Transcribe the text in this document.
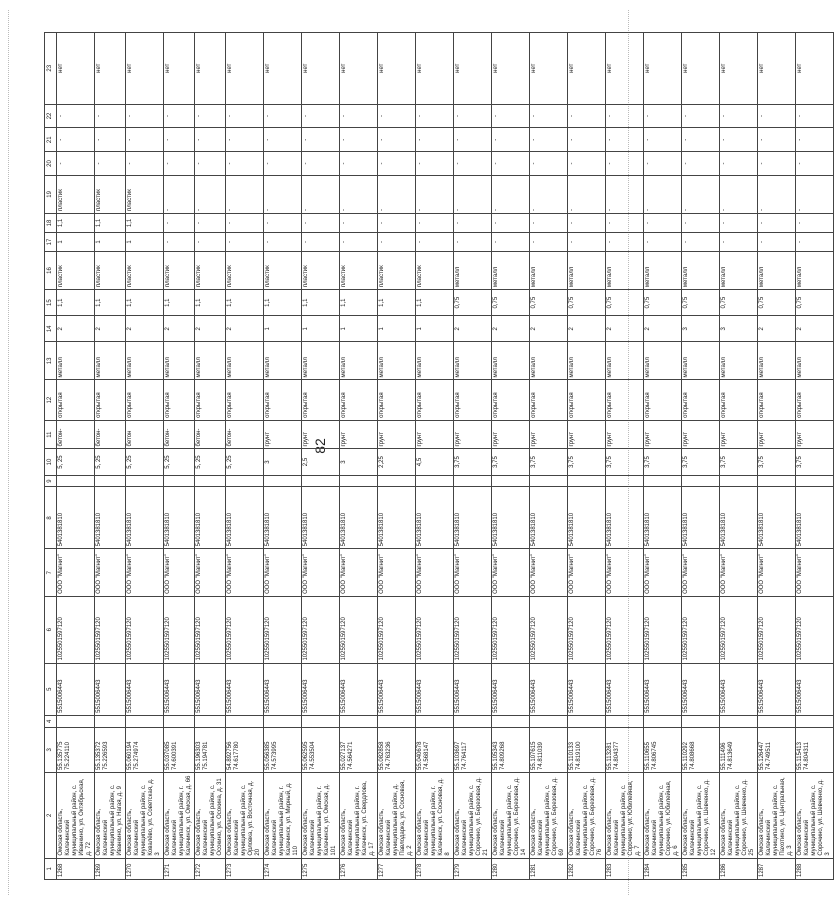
82
1	2	3	4	5	6	7	8	9	10	11	12	13	14	15	16	17	18	19	20	21	22	23
1268	Омская область, Калачинский муниципальный район, с. Иванкино, ул. Октябрьская, д. 72	55.135775 75.224110		5515006443	1025501597120	ООО "Магнит"	5401381810		5, 25	бетон-	открытая	металл	2	1,1	пластик	1	1,1	пластик	-	-	-	нет
1269	Омская область, Калачинский муниципальный район, с. Иванкино, ул. Нагая, д. 9	55.135372 75.226593		5515006443	1025501597120	ООО "Магнит"	5401381810		5, 25	бетон-	открытая	металл	2	1,1	пластик	1	1,1	пластик	-	-	-	нет
1270	Омская область, Калачинский муниципальный район, с. Ковалёво, ул. Советская, д. 3	55.060194 75.274974		5515006443	1025501597120	ООО "Магнит"	5401381810		5, 25	бетон	открытая	металл	2	1,1	пластик	1	1,1	пластик	-	-	-	нет
1271	Омская область, Калачинский муниципальный район, г. Калачинск, ул. Омская, д. 66	55.037085 74.600391		5515006443	1025501597120	ООО "Магнит"	5401381810		5, 25	бетон-	открытая	металл	2	1,1	пластик	-	-	-	-	-	-	нет
1272	Омская область, Калачинский муниципальный район, с. Осокино, ул. Осокина, д. 31	55.196303 75.194781		5515006443	1025501597120	ООО "Магнит"	5401381810		5, 25	бетон-	открытая	металл	2	1,1	пластик	-	-	-	-	-	-	нет
1273	Омская область, Калачинский муниципальный район, с. Орловка, ул. Восточная, д. 20	54.892756 74.617780		5515006443	1025501597120	ООО "Магнит"	5401381810		5, 25	бетон-	открытая	металл	2	1,1	пластик	-	-	-	-	-	-	нет
1274	Омская область, Калачинский муниципальный район, г. Калачинск, ул. Мирный, д. 110	55.056385 74.573995		5515006443	1025501597120	ООО "Магнит"	5401381810		3	грунт	открытая	металл	1	1,1	пластик	-	-	-	-	-	-	нет
1275	Омская область, Калачинский муниципальный район, г. Калачинск, ул. Омская, д. 101	55.062595 74.553504		5515006443	1025501597120	ООО "Магнит"	5401381810		2,5	грунт	открытая	металл	1	1,1	пластик	-	-	-	-	-	-	нет
1276	Омская область, Калачинский муниципальный район, г. Калачинск, ул. Свердлова, д. 17	55.027137 74.564271		5515006443	1025501597120	ООО "Магнит"	5401381810		3	грунт	открытая	металл	1	1,1	пластик	-	-	-	-	-	-	нет
1277	Омская область, Калачинский муниципальный район, д. Павлодарка, ул. Сосновая, д. 2	55.082858 74.763236		5515006443	1025501597120	ООО "Магнит"	5401381810		2,25	грунт	открытая	металл	1	1,1	пластик	-	-	-	-	-	-	нет
1278	Омская область, Калачинский муниципальный район, г. Калачинск, ул. Сосновая, д. 8	55.040678 74.568147		5515006443	1025501597120	ООО "Магнит"	5401381810		4,5	грунт	открытая	металл	1	1,1	пластик	-	-	-	-	-	-	нет
1279	Омская область, Калачинский муниципальный район, с. Сорочино, ул. Березовая, д. 21	55.103697 74.764117		5515006443	1025501597120	ООО "Магнит"	5401381810		3,75	грунт	открытая	металл	2	0,75	металл	-	-	-	-	-	-	нет
1280	Омская область, Калачинский муниципальный район, с. Сорочино, ул. Березовая, д. 14	55.105343 74.809268		5515006443	1025501597120	ООО "Магнит"	5401381810		3,75	грунт	открытая	металл	2	0,75	металл	-	-	-	-	-	-	нет
1281	Омская область, Калачинский муниципальный район, с. Сорочино, ул. Березовая, д. 69	55.107615 74.811039		5515006443	1025501597120	ООО "Магнит"	5401381810		3,75	грунт	открытая	металл	2	0,75	металл	-	-	-	-	-	-	нет
1282	Омская область, Калачинский муниципальный район, с. Сорочино, ул. Березовая, д. 76	55.110133 74.819100		5515006443	1025501597120	ООО "Магнит"	5401381810		3,75	грунт	открытая	металл	2	0,75	металл	-	-	-	-	-	-	нет
1283	Омская область, Калачинский муниципальный район, с. Сорочино, ул. Юбилейная, д. 7	55.113281 74.804377		5515006443	1025501597120	ООО "Магнит"	5401381810		3,75	грунт	открытая	металл	2	0,75	металл	-	-	-	-	-	-	нет
1284	Омская область, Калачинский муниципальный район, с. Сорочино, ул. Юбилейная, д. 6	55.110655 74.806745		5515006443	1025501597120	ООО "Магнит"	5401381810		3,75	грунт	открытая	металл	2	0,75	металл	-	-	-	-	-	-	нет
1285	Омская область, Калачинский муниципальный район, с. Сорочино, ул. Шевченко, д. 12	55.110292 74.808668		5515006443	1025501597120	ООО "Магнит"	5401381810		3,75	грунт	открытая	металл	3	0,75	металл	-	-	-	-	-	-	нет
1286	Омская область, Калачинский муниципальный район, с. Сорочино, ул. Шевченко, д. 25	55.111496 74.813649		5515006443	1025501597120	ООО "Магнит"	5401381810		3,75	грунт	открытая	металл	3	0,75	металл	-	-	-	-	-	-	нет
1287	Омская область, Калачинский муниципальный район, с. Пахотино, ул. Центральная, д. 3	55.126447 74.749511		5515006443	1025501597120	ООО "Магнит"	5401381810		3,75	грунт	открытая	металл	2	0,75	металл	-	-	-	-	-	-	нет
1288	Омская область, Калачинский муниципальный район, с. Сорочино, ул. Шевченко, д. 3	55.115413 74.804311		5515006443	1025501597120	ООО "Магнит"	5401381810		3,75	грунт	открытая	металл	2	0,75	металл	-	-	-	-	-	-	нет
